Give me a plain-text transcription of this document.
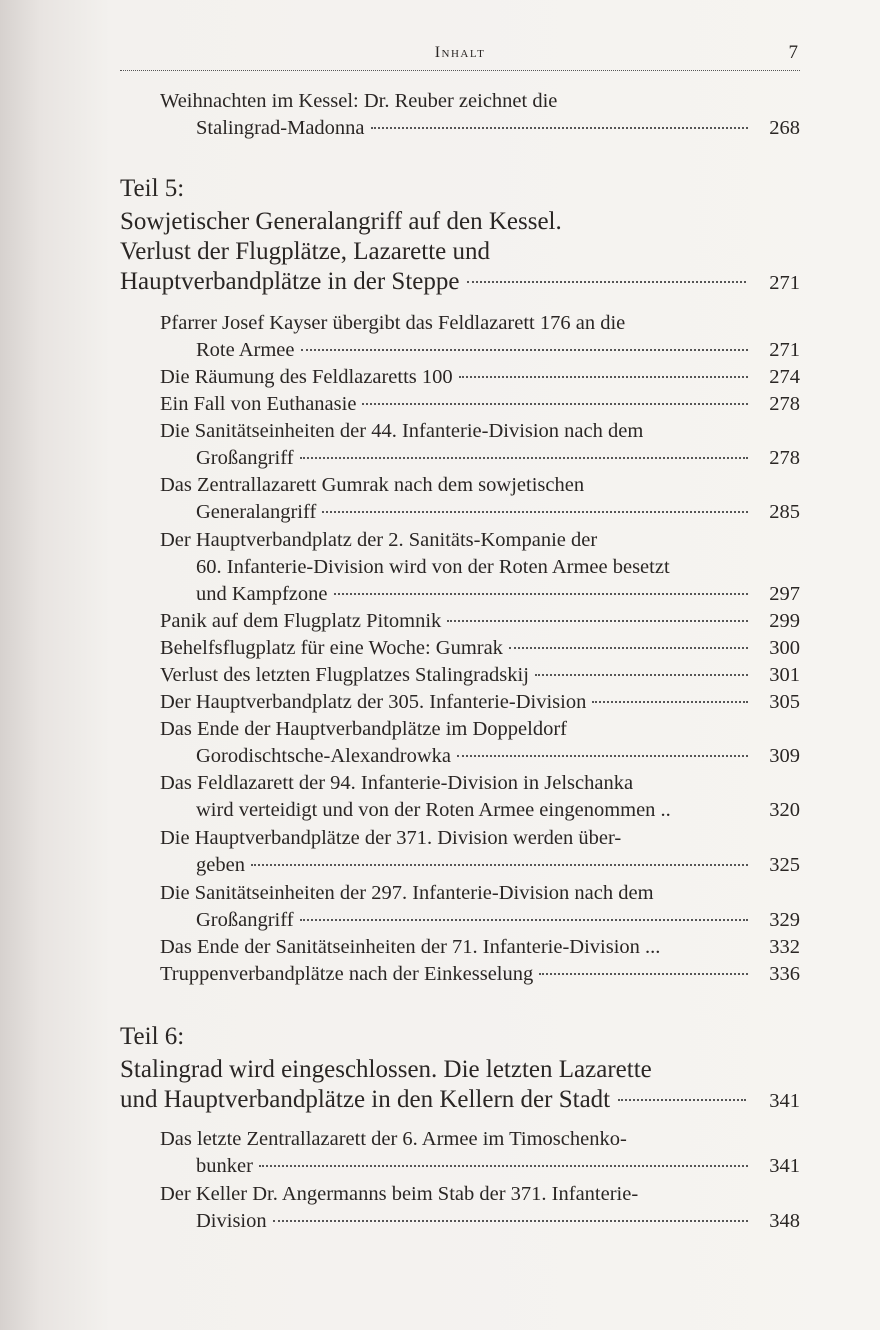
Inhalt	7
Weihnachten im Kessel: Dr. Reuber zeichnet die
Stalingrad-Madonna	268
Teil 5:
Sowjetischer Generalangriff auf den Kessel.
Verlust der Flugplätze, Lazarette und
Hauptverbandplätze in der Steppe	271
Pfarrer Josef Kayser übergibt das Feldlazarett 176 an die
Rote Armee	271
Die Räumung des Feldlazaretts 100	274
Ein Fall von Euthanasie	278
Die Sanitätseinheiten der 44. Infanterie-Division nach dem
Großangriff	278
Das Zentrallazarett Gumrak nach dem sowjetischen
Generalangriff	285
Der Hauptverbandplatz der 2. Sanitäts-Kompanie der
60. Infanterie-Division wird von der Roten Armee besetzt
und Kampfzone	297
Panik auf dem Flugplatz Pitomnik	299
Behelfsflugplatz für eine Woche: Gumrak	300
Verlust des letzten Flugplatzes Stalingradskij	301
Der Hauptverbandplatz der 305. Infanterie-Division	305
Das Ende der Hauptverbandplätze im Doppeldorf
Gorodischtsche-Alexandrowka	309
Das Feldlazarett der 94. Infanterie-Division in Jelschanka
wird verteidigt und von der Roten Armee eingenommen ..	320
Die Hauptverbandplätze der 371. Division werden über-
geben	325
Die Sanitätseinheiten der 297. Infanterie-Division nach dem
Großangriff	329
Das Ende der Sanitätseinheiten der 71. Infanterie-Division ...	332
Truppenverbandplätze nach der Einkesselung	336
Teil 6:
Stalingrad wird eingeschlossen. Die letzten Lazarette
und Hauptverbandplätze in den Kellern der Stadt	341
Das letzte Zentrallazarett der 6. Armee im Timoschenko-
bunker	341
Der Keller Dr. Angermanns beim Stab der 371. Infanterie-
Division	348
